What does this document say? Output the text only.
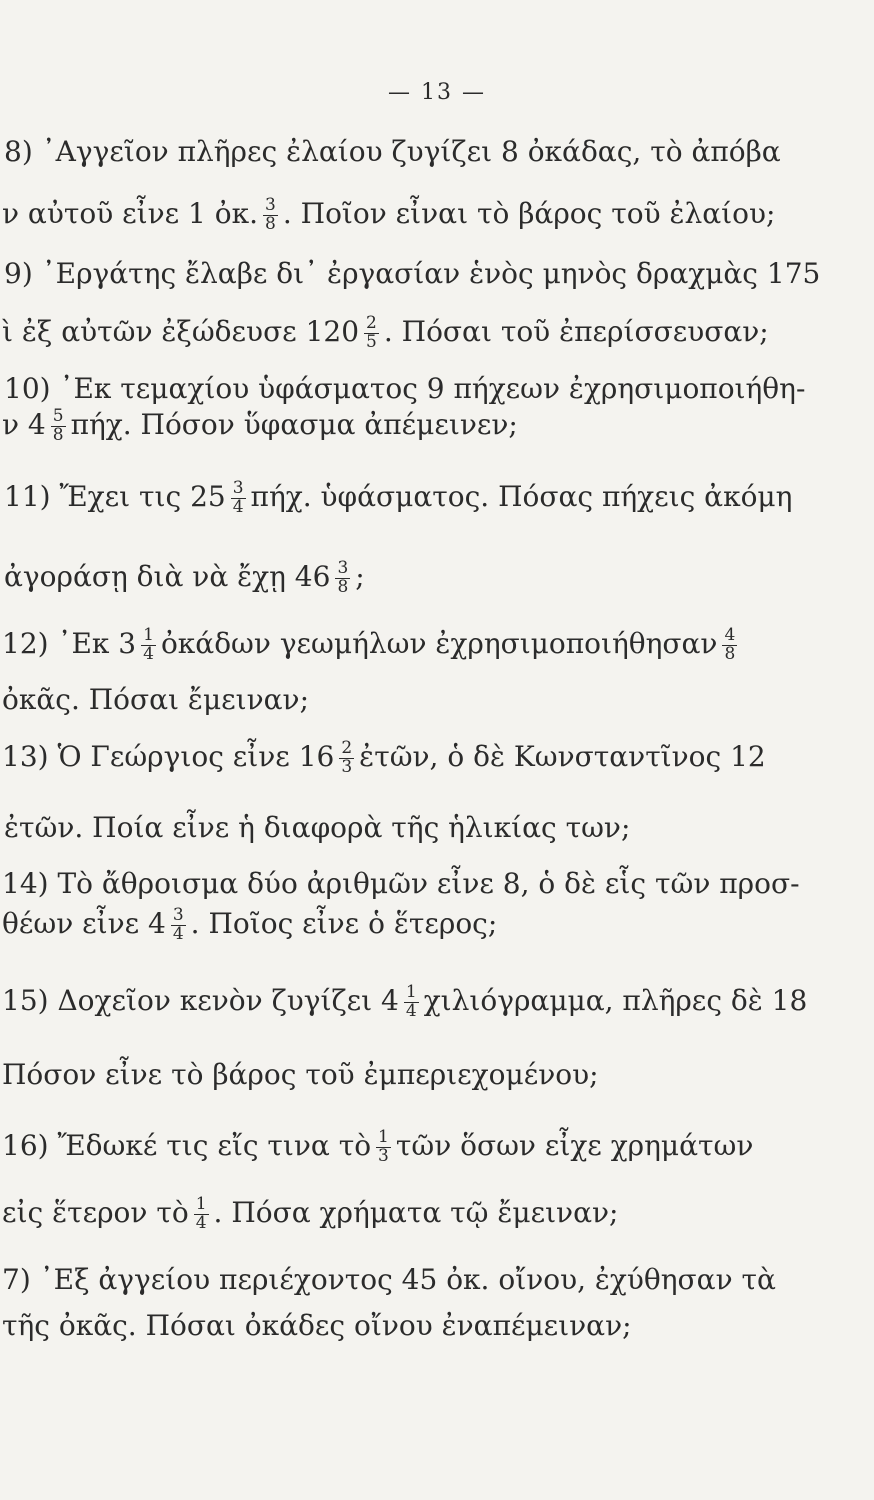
— 13 —
8) ᾿Αγγεῖον πλῆρες ἐλαίου ζυγίζει 8 ὀκάδας, τὸ ἀπόβα
ν αὐτοῦ εἶνε 1 ὀκ. $\frac{3}{8}$ . Ποῖον εἶναι τὸ βάρος τοῦ ἐλαίου;
9) ᾿Εργάτης ἔλαβε δι᾿ ἐργασίαν ἑνὸς μηνὸς δραχμὰς 175
ὶ ἐξ αὐτῶν ἐξώδευσε $120 \frac{2}{5}$ . Πόσαι τοῦ ἐπερίσσευσαν;
10) ᾿Εκ τεμαχίου ὑφάσματος 9 πήχεων ἐχρησιμοποιήθη-
ν $4 \frac{5}{8} \pi ή\chi$. Πόσον ὕφασμα ἀπέμεινεν;
11) Ἔχει τις $25 \frac{3}{4} \pi ή\chi$. ὑφάσματος. Πόσας πήχεις ἀκόμη
ἀγοράσῃ διὰ νὰ ἔχῃ $46 \frac{3}{8}$ ;
12) ᾿Εκ $3 \frac{1}{4}$ ὀκάδων γεωμήλων ἐχρησιμοποιήθησαν $\frac{4}{8}$
ὀκᾶς. Πόσαι ἔμειναν;
13) Ὁ Γεώργιος εἶνε $16 \frac{2}{3}$ ἐτῶν, ὁ δὲ Κωνσταντῖνος 12
ἐτῶν. Ποία εἶνε ἡ διαφορὰ τῆς ἡλικίας των;
14) Τὸ ἄθροισμα δύο ἀριθμῶν εἶνε 8, ὁ δὲ εἷς τῶν προσ-
θέων εἶνε $4 \frac{3}{4}$ . Ποῖος εἶνε ὁ ἕτερος;
15) Δοχεῖον κενὸν ζυγίζει $4 \frac{1}{4} \chi\iota\lambda\iota ό\gamma\rho\alpha\mu\mu\alpha$, πλῆρες δὲ 18
Πόσον εἶνε τὸ βάρος τοῦ ἐμπεριεχομένου;
16) Ἔδωκέ τις εἴς τινα τὸ $\frac{1}{3}$ τῶν ὅσων εἶχε χρημάτων
εἰς ἕτερον τὸ $\frac{1}{4}$ . Πόσα χρήματα τῷ ἔμειναν;
7) ᾿Εξ ἀγγείου περιέχοντος 45 ὀκ. οἴνου, ἐχύθησαν τὰ
τῆς ὀκᾶς. Πόσαι ὀκάδες οἴνου ἐναπέμειναν;
